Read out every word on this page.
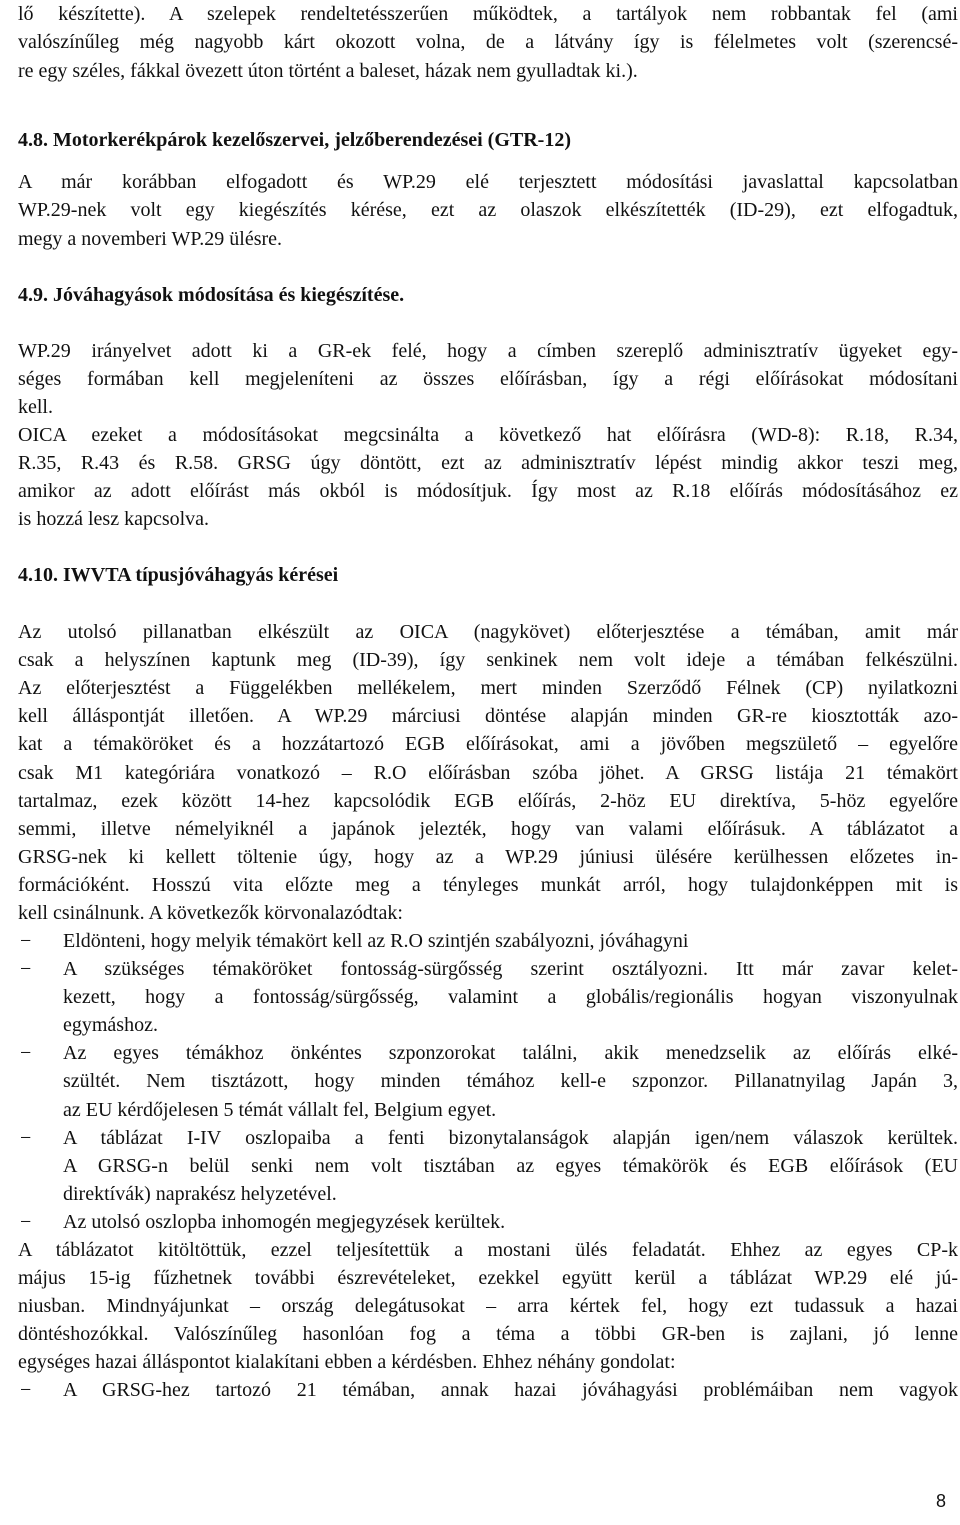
lő készítette). A szelepek rendeltetésszerűen működtek, a tartályok nem robbantak fel (ami
valószínűleg még nagyobb kárt okozott volna, de a látvány így is félelmetes volt (szerencsé-
re egy széles, fákkal övezett úton történt a baleset, házak nem gyulladtak ki.).
4.8. Motorkerékpárok kezelőszervei, jelzőberendezései (GTR-12)
A már korábban elfogadott és WP.29 elé terjesztett módosítási javaslattal kapcsolatban
WP.29-nek volt egy kiegészítés kérése, ezt az olaszok elkészítették (ID-29), ezt elfogadtuk,
megy a novemberi WP.29 ülésre.
4.9. Jóváhagyások módosítása és kiegészítése.
WP.29 irányelvet adott ki a GR-ek felé, hogy a címben szereplő adminisztratív ügyeket egy-
séges formában kell megjeleníteni az összes előírásban, így a régi előírásokat módosítani
kell.
OICA ezeket a módosításokat megcsinálta a következő hat előírásra (WD-8): R.18, R.34,
R.35, R.43 és R.58. GRSG úgy döntött, ezt az adminisztratív lépést mindig akkor teszi meg,
amikor az adott előírást más okból is módosítjuk. Így most az R.18 előírás módosításához ez
is hozzá lesz kapcsolva.
4.10. IWVTA típusjóváhagyás kérései
Az utolsó pillanatban elkészült az OICA (nagykövet) előterjesztése a témában, amit már
csak a helyszínen kaptunk meg (ID-39), így senkinek nem volt ideje a témában felkészülni.
Az előterjesztést a Függelékben mellékelem, mert minden Szerződő Félnek (CP) nyilatkozni
kell álláspontját illetően. A WP.29 márciusi döntése alapján minden GR-re kiosztották azo-
kat a témaköröket és a hozzátartozó EGB előírásokat, ami a jövőben megszülető – egyelőre
csak M1 kategóriára vonatkozó – R.O előírásban szóba jöhet. A GRSG listája 21 témakört
tartalmaz, ezek között 14-hez kapcsolódik EGB előírás, 2-höz EU direktíva, 5-höz egyelőre
semmi, illetve némelyiknél a japánok jelezték, hogy van valami előírásuk. A táblázatot a
GRSG-nek ki kellett töltenie úgy, hogy az a WP.29 júniusi ülésére kerülhessen előzetes in-
formációként. Hosszú vita előzte meg a tényleges munkát arról, hogy tulajdonképpen mit is
kell csinálnunk. A következők körvonalazódtak:
− Eldönteni, hogy melyik témakört kell az R.O szintjén szabályozni, jóváhagyni
− A szükséges témaköröket fontosság-sürgősség szerint osztályozni. Itt már zavar kelet-
kezett, hogy a fontosság/sürgősség, valamint a globális/regionális hogyan viszonyulnak
egymáshoz.
− Az egyes témákhoz önkéntes szponzorokat találni, akik menedzselik az előírás elké-
szültét. Nem tisztázott, hogy minden témához kell-e szponzor. Pillanatnyilag Japán 3,
az EU kérdőjelesen 5 témát vállalt fel, Belgium egyet.
− A táblázat I-IV oszlopaiba a fenti bizonytalanságok alapján igen/nem válaszok kerültek.
A GRSG-n belül senki nem volt tisztában az egyes témakörök és EGB előírások (EU
direktívák) naprakész helyzetével.
− Az utolsó oszlopba inhomogén megjegyzések kerültek.
A táblázatot kitöltöttük, ezzel teljesítettük a mostani ülés feladatát. Ehhez az egyes CP-k
május 15-ig fűzhetnek további észrevételeket, ezekkel együtt kerül a táblázat WP.29 elé jú-
niusban. Mindnyájunkat – ország delegátusokat – arra kértek fel, hogy ezt tudassuk a hazai
döntéshozókkal. Valószínűleg hasonlóan fog a téma a többi GR-ben is zajlani, jó lenne
egységes hazai álláspontot kialakítani ebben a kérdésben. Ehhez néhány gondolat:
− A GRSG-hez tartozó 21 témában, annak hazai jóváhagyási problémáiban nem vagyok
8
